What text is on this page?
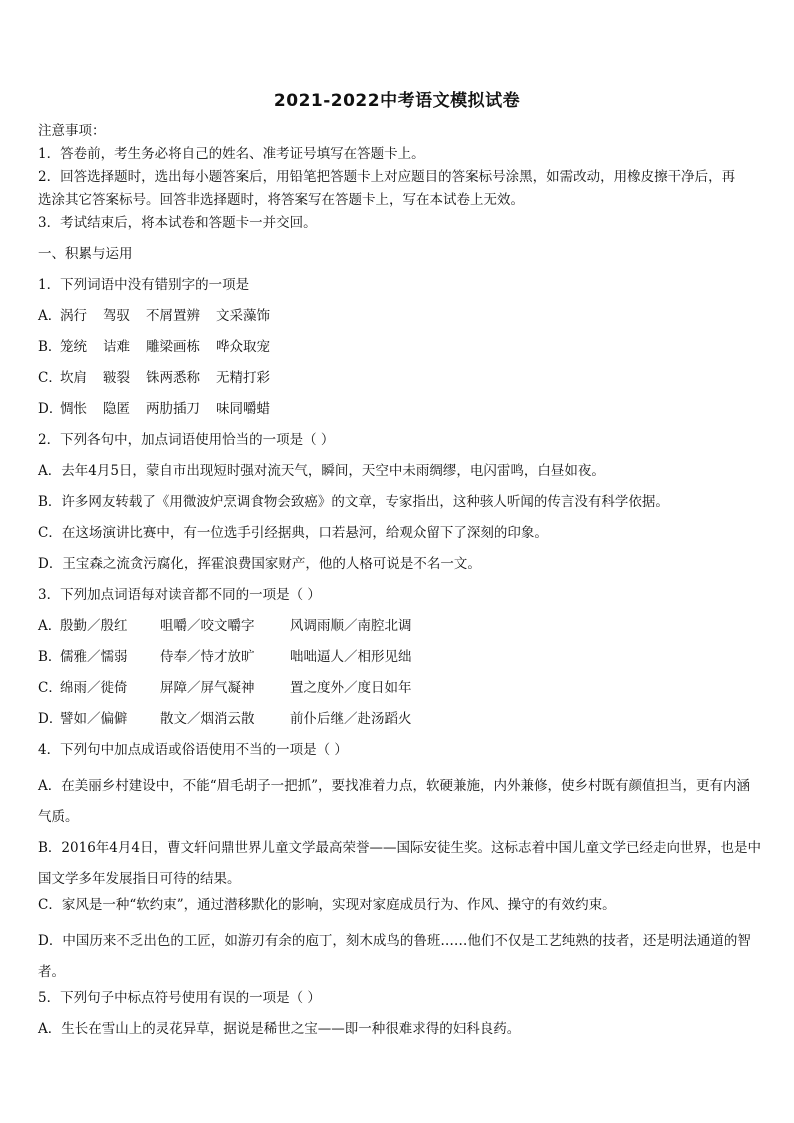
2021-2022中考语文模拟试卷
注意事项：
1．答卷前，考生务必将自己的姓名、准考证号填写在答题卡上。
2．回答选择题时，选出每小题答案后，用铅笔把答题卡上对应题目的答案标号涂黑，如需改动，用橡皮擦干净后，再
选涂其它答案标号。回答非选择题时，将答案写在答题卡上，写在本试卷上无效。
3．考试结束后，将本试卷和答题卡一并交回。
一、积累与运用
1．下列词语中没有错别字的一项是
A．
涡行 驾驭 不屑置辨 文采藻饰
B．
笼统 诘难 雕梁画栋 哗众取宠
C．
坎肩 皲裂 铢两悉称 无精打彩
D．
惆怅 隐匿 两肋插刀 味同嚼蜡
2．下列各句中，加点词语使用恰当的一项是（ ）
A．去年4月5日，蒙自市出现短时强对流天气，瞬间，天空中未雨绸缪，电闪雷鸣，白昼如夜。
B．许多网友转载了《用微波炉烹调食物会致癌》的文章，专家指出，这种骇人听闻的传言没有科学依据。
C．在这场演讲比赛中，有一位选手引经据典，口若悬河，给观众留下了深刻的印象。
D．王宝森之流贪污腐化，挥霍浪费国家财产，他的人格可说是不名一文。
3．下列加点词语每对读音都不同的一项是（ ）
A．
殷勤／殷红	咀嚼／咬文嚼字	风调雨顺／南腔北调
B．
儒雅／懦弱	侍奉／恃才放旷	咄咄逼人／相形见绌
C．
绵雨／徙倚	屏障／屏气凝神	置之度外／度日如年
D．
譬如／偏僻	散文／烟消云散	前仆后继／赴汤蹈火
4．下列句中加点成语或俗语使用不当的一项是（ ）
A．在美丽乡村建设中，不能“眉毛胡子一把抓”，要找准着力点，软硬兼施，内外兼修，使乡村既有颜值担当，更有内涵气质。
B．2016年4月4日，曹文轩问鼎世界儿童文学最高荣誉——国际安徒生奖。这标志着中国儿童文学已经走向世界，也是中国文学多年发展指日可待的结果。
C．家风是一种“软约束”，通过潜移默化的影响，实现对家庭成员行为、作风、操守的有效约束。
D．中国历来不乏出色的工匠，如游刃有余的庖丁，刻木成鸟的鲁班……他们不仅是工艺纯熟的技者，还是明法通道的智者。
5．下列句子中标点符号使用有误的一项是（ ）
A．生长在雪山上的灵花异草，据说是稀世之宝——即一种很难求得的妇科良药。
